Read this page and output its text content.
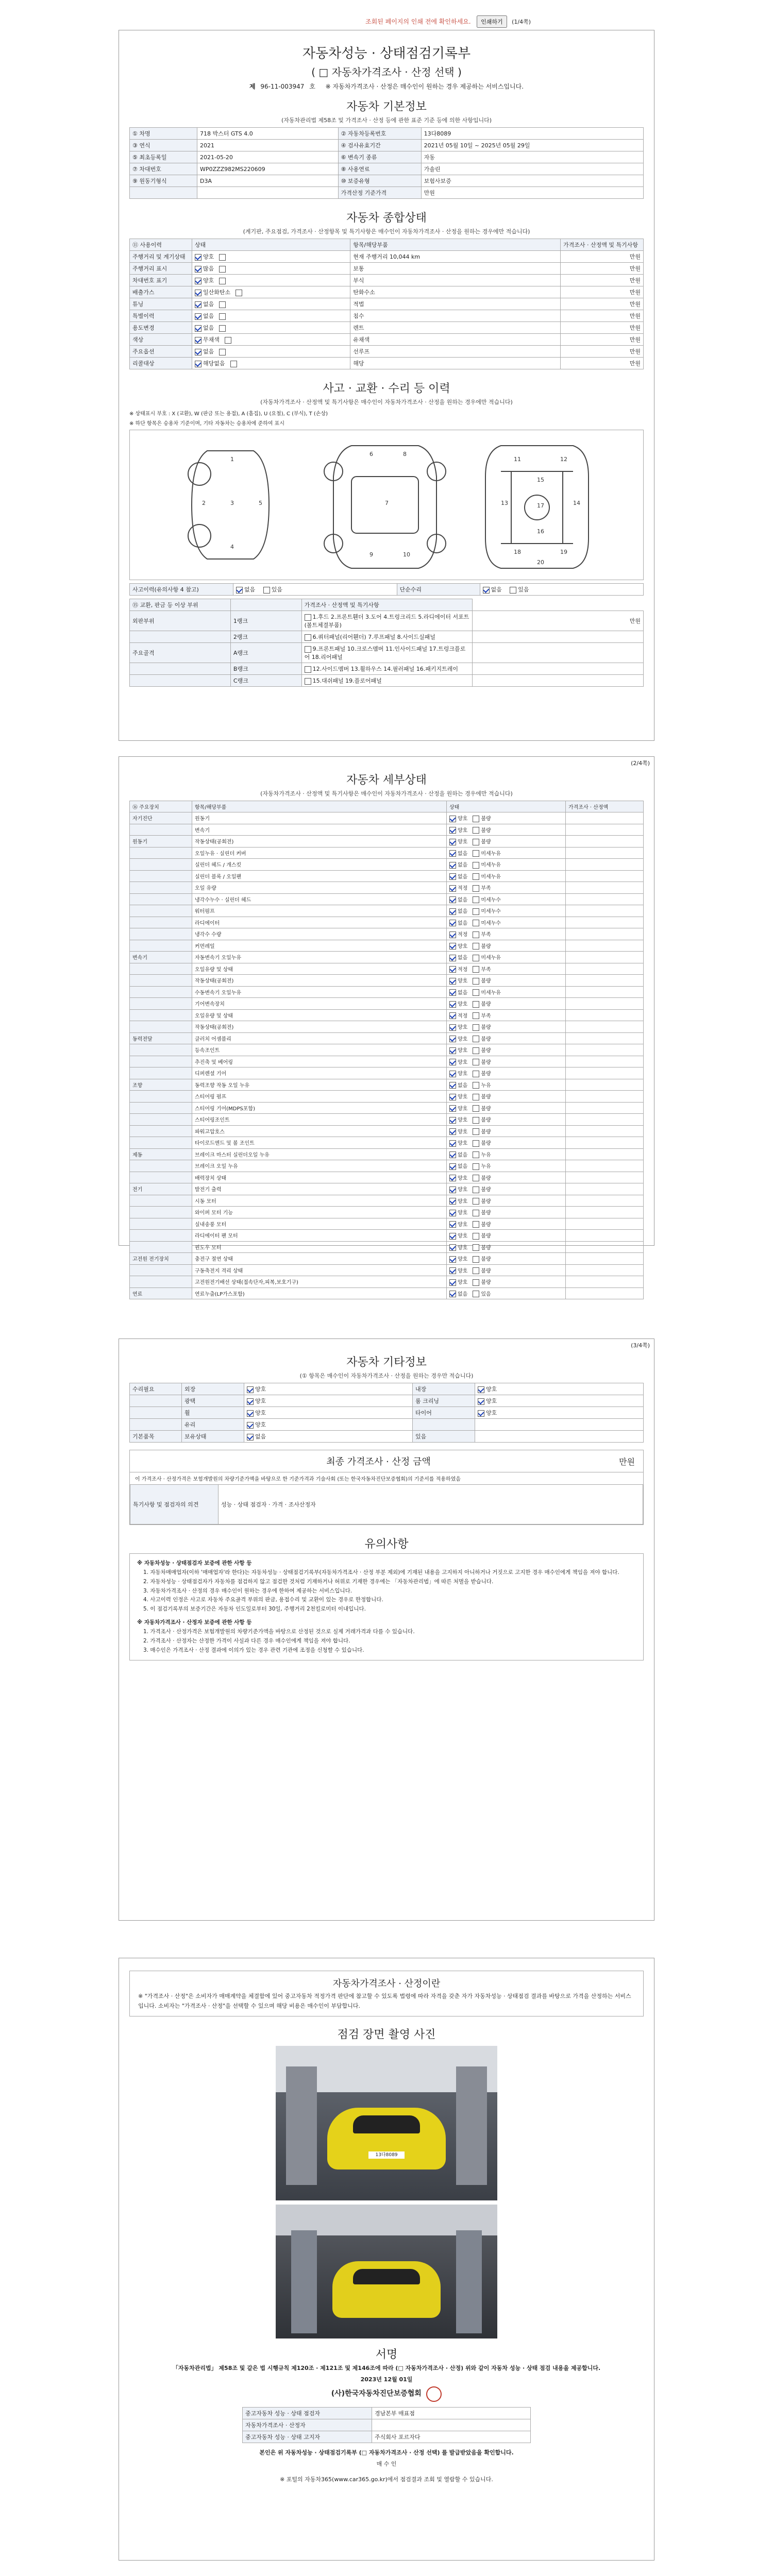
조회된 페이지의 인쇄 전에 확인하세요. 인쇄하기 (1/4쪽)
자동차성능 · 상태점검기록부
( □ 자동차가격조사 · 산정 선택 )
제 96-11-003947 호 ※ 자동차가격조사 · 산정은 매수인이 원하는 경우 제공하는 서비스입니다.
자동차 기본정보
(자동차관리법 제58조 및 가격조사 · 산정 등에 관한 표준 기준 등에 의한 사항입니다)
① 차명	718 박스터 GTS 4.0	② 자동차등록번호	13다8089
③ 연식	2021	④ 검사유효기간	2021년 05월 10일 ~ 2025년 05월 29일
⑤ 최초등록일	2021-05-20	⑥ 변속기 종류	자동
⑦ 차대번호	WP0ZZZ982MS220609	⑧ 사용연료	가솔린
⑨ 원동기형식	D3A	⑩ 보증유형	보험사보증
		가격산정 기준가격	만원
자동차 종합상태
(계기판, 주요점검, 가격조사 · 산정항목 및 특기사항은 매수인이 자동차가격조사 · 산정을 원하는 경우에만 적습니다)
⑪ 사용이력	상태	항목/해당부품	가격조사 · 산정액 및 특기사항
주행거리 및 계기상태	양호	현재 주행거리 10,044 km	만원
주행거리 표시	많음	보통	만원
차대번호 표기	양호	부식	만원
배출가스	일산화탄소	탄화수소	만원
튜닝	없음	적법	만원
특별이력	없음	침수	만원
용도변경	없음	렌트	만원
색상	무채색	유채색	만원
주요옵션	없음	선루프	만원
리콜대상	해당없음	해당	만원
사고 · 교환 · 수리 등 이력
(자동차가격조사 · 산정액 및 특기사항은 매수인이 자동차가격조사 · 산정을 원하는 경우에만 적습니다)
※ 상태표시 부호 : X (교환), W (판금 또는 용접), A (흠집), U (요철), C (부식), T (손상)
※ 하단 항목은 승용차 기준이며, 기타 자동차는 승용차에 준하여 표시
1
2	3
4
5
6
7
8
9	10
11	12
13	14
15
16
17
18	19
20
사고이력(유의사항 4 참고)	없음	있음	단순수리	없음	있음
⑮ 교환, 판금 등 이상 부위		가격조사 · 산정액 및 특기사항	
외판부위	1랭크	1.후드 2.프론트휀더 3.도어 4.트렁크리드 5.라디에이터 서포트(볼트체결부품)	만원
	2랭크	6.쿼터패널(리어휀더) 7.루프패널 8.사이드실패널	
주요골격	A랭크	9.프론트패널 10.크로스멤버 11.인사이드패널 17.트렁크플로어 18.리어패널	
	B랭크	12.사이드멤버 13.휠하우스 14.필러패널 16.패키지트레이	
	C랭크	15.대쉬패널 19.플로어패널	
(2/4쪽)
자동차 세부상태
(자동차가격조사 · 산정액 및 특기사항은 매수인이 자동차가격조사 · 산정을 원하는 경우에만 적습니다)
⑯ 주요장치	항목/해당부품	상태	가격조사 · 산정액
자기진단	원동기	양호 불량	
	변속기	양호 불량	
원동기	작동상태(공회전)	양호 불량	
	오일누유 · 실린더 커버	없음 미세누유	
	실린더 헤드 / 개스킷	없음 미세누유	
	실린더 블록 / 오일팬	없음 미세누유	
	오일 유량	적정 부족	
	냉각수누수 · 실린더 헤드	없음 미세누수	
	워터펌프	없음 미세누수	
	라디에이터	없음 미세누수	
	냉각수 수량	적정 부족	
	커먼레일	양호 불량	
변속기	자동변속기 오일누유	없음 미세누유	
	오일유량 및 상태	적정 부족	
	작동상태(공회전)	양호 불량	
	수동변속기 오일누유	없음 미세누유	
	기어변속장치	양호 불량	
	오일유량 및 상태	적정 부족	
	작동상태(공회전)	양호 불량	
동력전달	클러치 어셈블리	양호 불량	
	등속조인트	양호 불량	
	추진축 및 베어링	양호 불량	
	디퍼렌셜 기어	양호 불량	
조향	동력조향 작동 오일 누유	없음 누유	
	스티어링 펌프	양호 불량	
	스티어링 기어(MDPS포함)	양호 불량	
	스티어링조인트	양호 불량	
	파워고압호스	양호 불량	
	타이로드엔드 및 볼 조인트	양호 불량	
제동	브레이크 마스터 실린더오일 누유	없음 누유	
	브레이크 오일 누유	없음 누유	
	배력장치 상태	양호 불량	
전기	발전기 출력	양호 불량	
	시동 모터	양호 불량	
	와이퍼 모터 기능	양호 불량	
	실내송풍 모터	양호 불량	
	라디에이터 팬 모터	양호 불량	
	윈도우 모터	양호 불량	
고전원 전기장치	충전구 절연 상태	양호 불량	
	구동축전지 격리 상태	양호 불량	
	고전원전기배선 상태(접속단자,피복,보호기구)	양호 불량	
연료	연료누출(LP가스포함)	없음 있음	
(3/4쪽)
자동차 기타정보
(① 항목은 매수인이 자동차가격조사 · 산정을 원하는 경우만 적습니다)
수리필요	외장	양호	내장	양호
	광택	양호	룸 크리닝	양호
	휠	양호	타이어	양호
	유리	양호		
기본품목	보유상태	없음	있음	
최종 가격조사 · 산정 금액	만원
이 가격조사 · 산정가격은 보험개발원의 차량기준가액을 바탕으로 한 기준가격과 기술사회 (또는 한국자동차진단보증협회)의 기준서를 적용하였음
특기사항 및 점검자의 의견	성능 · 상태 점검자 · 가격 · 조사산정자
유의사항
※ 자동차성능 · 상태점검자 보증에 관한 사항 등
1. 자동차매매업자(이하 '매매업자'라 한다)는 자동차성능 · 상태점검기록부(자동차가격조사 · 산정 부분 제외)에 기재된 내용을 고지하지 아니하거나 거짓으로 고지한 경우 매수인에게 책임을 져야 합니다.
2. 자동차성능 · 상태점검자가 자동차를 점검하지 않고 점검한 것처럼 기재하거나 허위로 기재한 경우에는 「자동차관리법」에 따른 처벌을 받습니다.
3. 자동차가격조사 · 산정의 경우 매수인이 원하는 경우에 한하여 제공하는 서비스입니다.
4. 사고이력 인정은 사고로 자동차 주요골격 부위의 판금, 용접수리 및 교환이 있는 경우로 한정합니다.
5. 이 점검기록부의 보증기간은 자동차 인도일로부터 30일, 주행거리 2천킬로미터 이내입니다.
※ 자동차가격조사 · 산정자 보증에 관한 사항 등
1. 가격조사 · 산정가격은 보험개발원의 차량기준가액을 바탕으로 산정된 것으로 실제 거래가격과 다를 수 있습니다.
2. 가격조사 · 산정자는 산정한 가격이 사실과 다른 경우 매수인에게 책임을 져야 합니다.
3. 매수인은 가격조사 · 산정 결과에 이의가 있는 경우 관련 기관에 조정을 신청할 수 있습니다.
자동차가격조사 · 산정이란
※ "가격조사 · 산정"은 소비자가 매매계약을 체결함에 있어 중고자동차 적정가격 판단에 참고할 수 있도록 법령에 따라 자격을 갖춘 자가 자동차성능 · 상태점검 결과를 바탕으로 가격을 산정하는 서비스입니다. 소비자는 "가격조사 · 산정"을 선택할 수 있으며 해당 비용은 매수인이 부담합니다.
점검 장면 촬영 사진
13다8089
서명
「자동차관리법」 제58조 및 같은 법 시행규칙 제120조 · 제121조 및 제146조에 따라 (□ 자동차가격조사 · 산정) 위와 같이 자동차 성능 · 상태 점검 내용을 제공합니다.
2023년 12월 01일
(사)한국자동차진단보증협회
중고자동차 성능 · 상태 점검자	경남본부 매표점
자동차가격조사 · 산정자	
중고자동차 성능 · 상태 고지자	주식회사 포르자다
본인은 위 자동차성능 · 상태점검기록부 (□ 자동차가격조사 · 산정 선택) 를 발급받았음을 확인합니다.
매 수 인
※ 포털의 자동차365(www.car365.go.kr)에서 점검결과 조회 및 열람할 수 있습니다.
